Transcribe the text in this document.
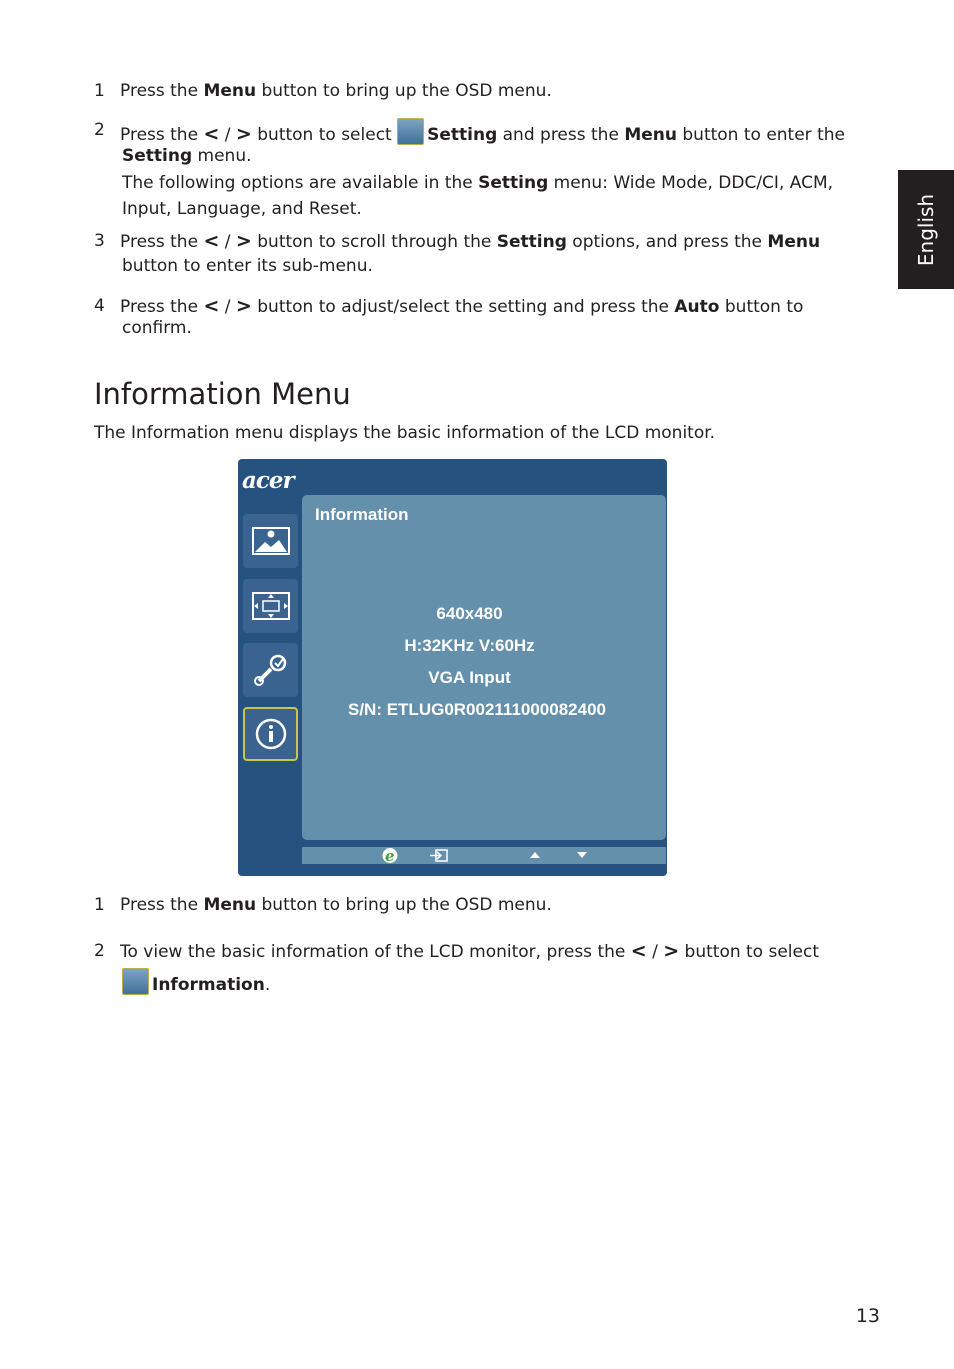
English
1 Press the Menu button to bring up the OSD menu.
2 Press the < / > button to select Setting and press the Menu button to enter the
Setting menu.
The following options are available in the Setting menu: Wide Mode, DDC/CI, ACM,
Input, Language, and Reset.
3 Press the < / > button to scroll through the Setting options, and press the Menu
button to enter its sub-menu.
4 Press the < / > button to adjust/select the setting and press the Auto button to
confirm.
Information Menu
The Information menu displays the basic information of the LCD monitor.
acer
Information
640x480
H:32KHz V:60Hz
VGA Input
S/N: ETLUG0R002111000082400
e
1 Press the Menu button to bring up the OSD menu.
2 To view the basic information of the LCD monitor, press the < / > button to select
Information.
13
